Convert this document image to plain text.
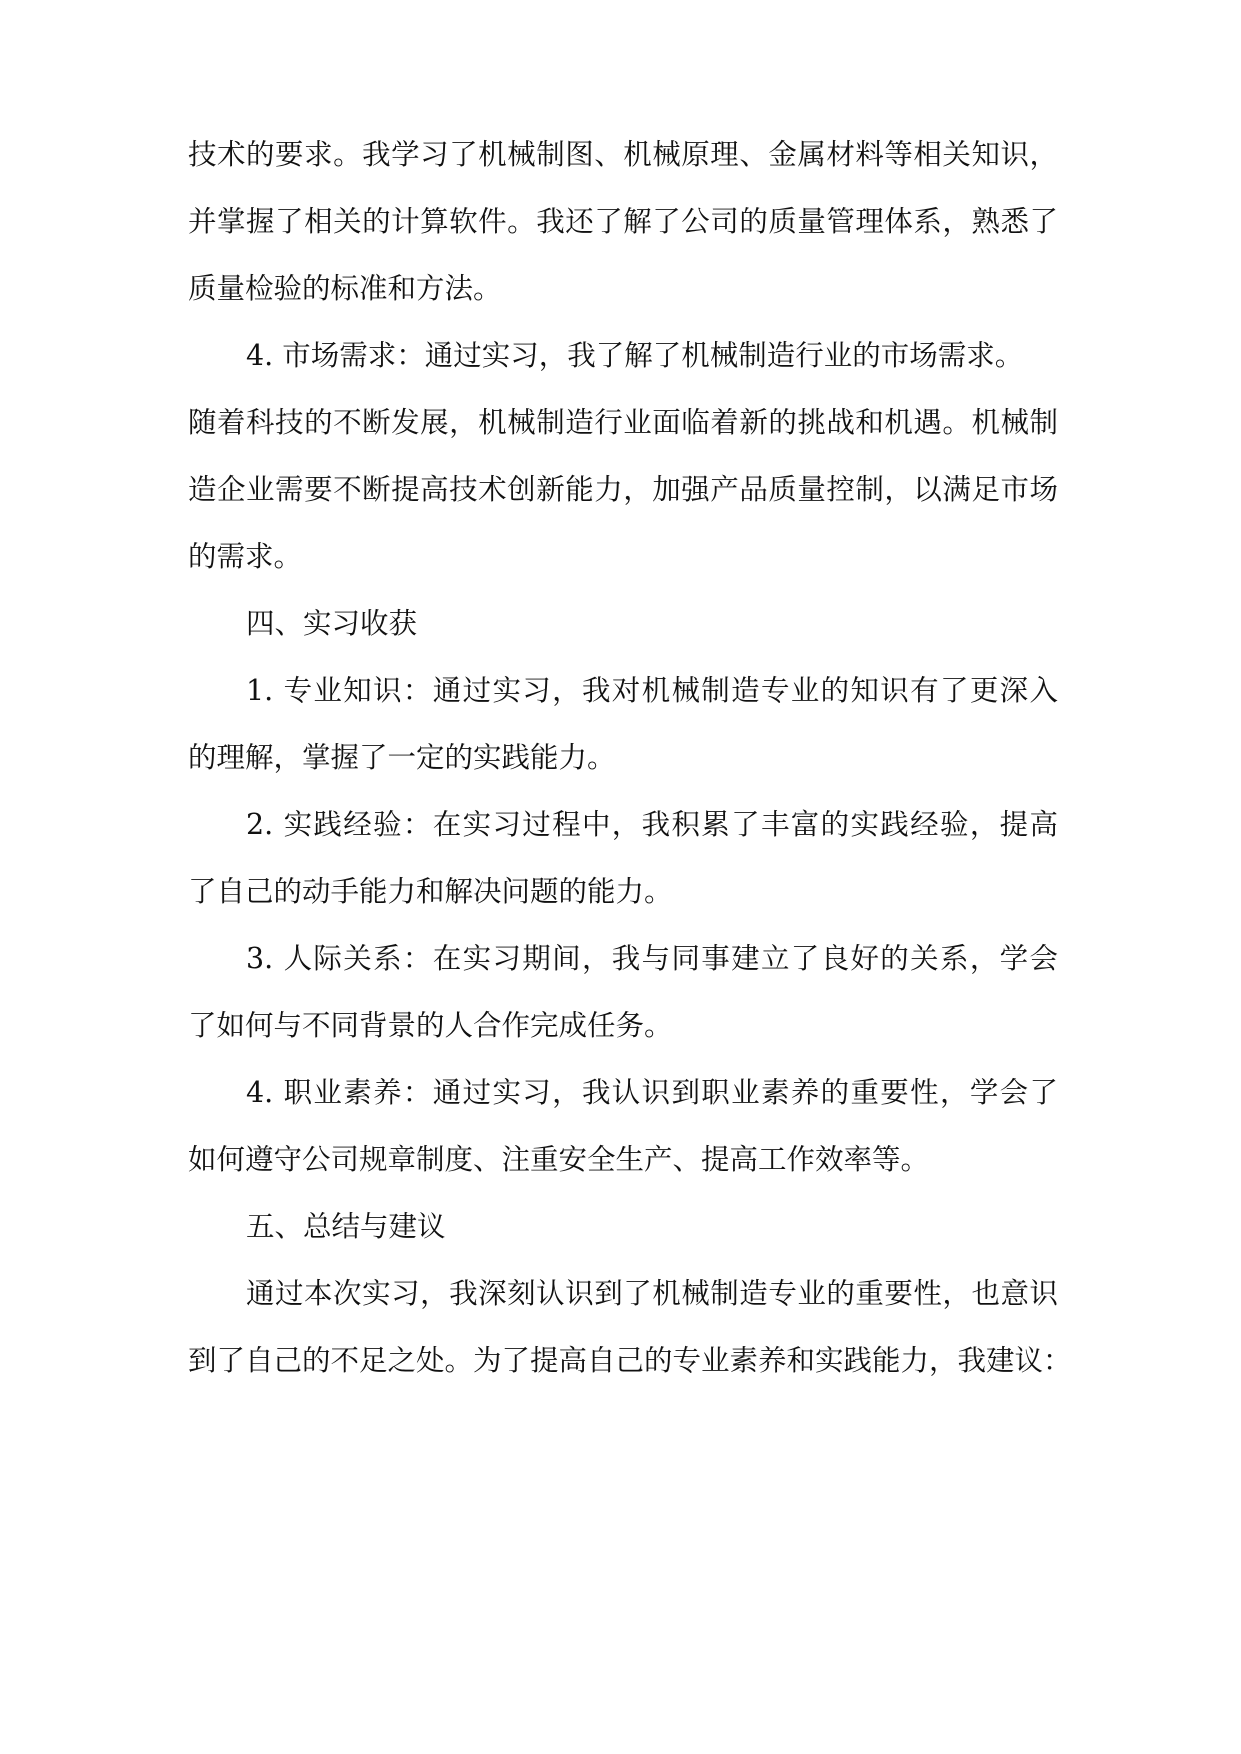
技术的要求。我学习了机械制图、机械原理、金属材料等相关知识，
并掌握了相关的计算软件。我还了解了公司的质量管理体系，熟悉了
质量检验的标准和方法。
4. 市场需求：通过实习，我了解了机械制造行业的市场需求。
随着科技的不断发展，机械制造行业面临着新的挑战和机遇。机械制
造企业需要不断提高技术创新能力，加强产品质量控制，以满足市场
的需求。
四、实习收获
1. 专业知识：通过实习，我对机械制造专业的知识有了更深入
的理解，掌握了一定的实践能力。
2. 实践经验：在实习过程中，我积累了丰富的实践经验，提高
了自己的动手能力和解决问题的能力。
3. 人际关系：在实习期间，我与同事建立了良好的关系，学会
了如何与不同背景的人合作完成任务。
4. 职业素养：通过实习，我认识到职业素养的重要性，学会了
如何遵守公司规章制度、注重安全生产、提高工作效率等。
五、总结与建议
通过本次实习，我深刻认识到了机械制造专业的重要性，也意识
到了自己的不足之处。为了提高自己的专业素养和实践能力，我建议：
